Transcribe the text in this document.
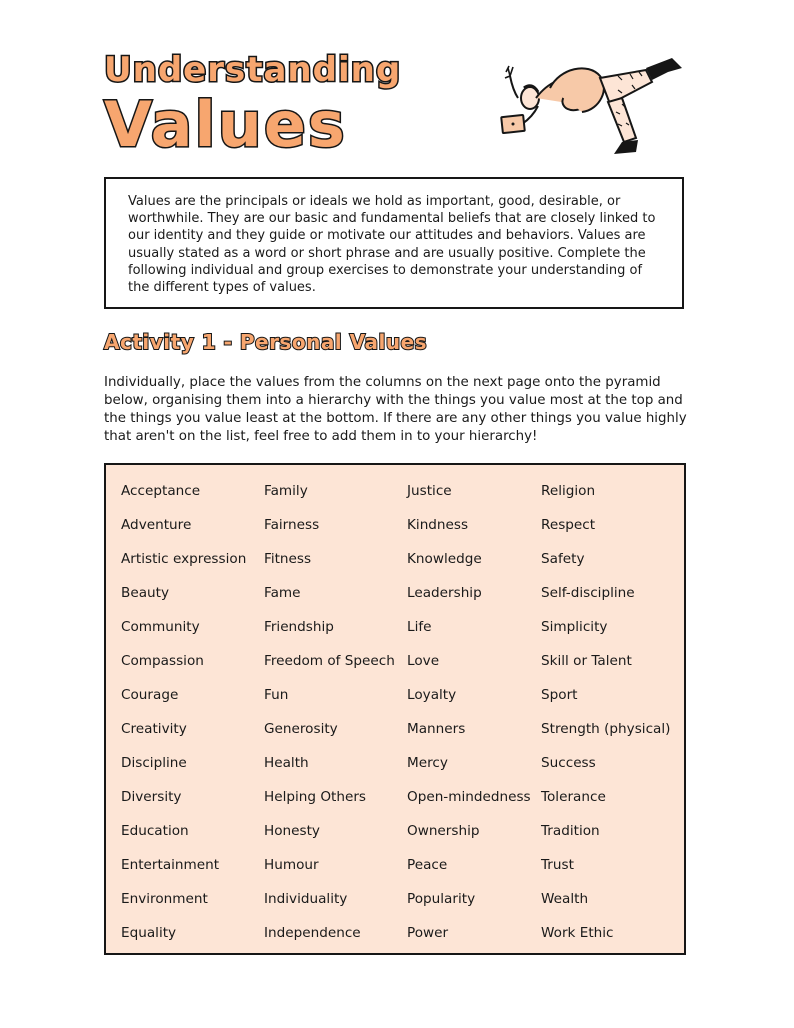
Understanding
Values

Values are the principals or ideals we hold as important, good, desirable, or worthwhile. They are our basic and fundamental beliefs that are closely linked to our identity and they guide or motivate our attitudes and behaviors. Values are usually stated as a word or short phrase and are usually positive. Complete the following individual and group exercises to demonstrate your understanding of the different types of values.

Activity 1 - Personal Values

Individually, place the values from the columns on the next page onto the pyramid below, organising them into a hierarchy with the things you value most at the top and the things you value least at the bottom. If there are any other things you value highly that aren't on the list, feel free to add them in to your hierarchy!

Acceptance
Adventure
Artistic expression
Beauty
Community
Compassion
Courage
Creativity
Discipline
Diversity
Education
Entertainment
Environment
Equality
Family
Fairness
Fitness
Fame
Friendship
Freedom of Speech
Fun
Generosity
Health
Helping Others
Honesty
Humour
Individuality
Independence
Justice
Kindness
Knowledge
Leadership
Life
Love
Loyalty
Manners
Mercy
Open-mindedness
Ownership
Peace
Popularity
Power
Religion
Respect
Safety
Self-discipline
Simplicity
Skill or Talent
Sport
Strength (physical)
Success
Tolerance
Tradition
Trust
Wealth
Work Ethic
